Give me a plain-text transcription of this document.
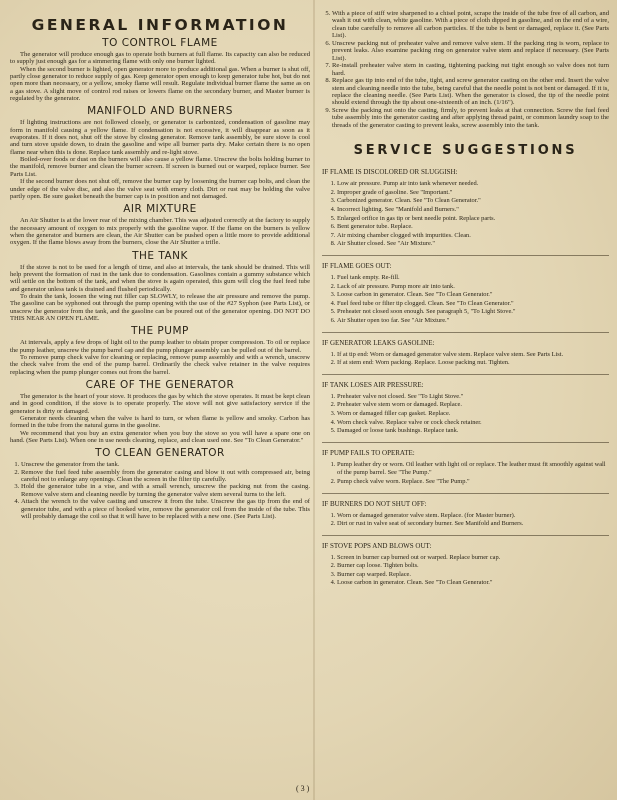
GENERAL INFORMATION
TO CONTROL FLAME

The generator will produce enough gas to operate both burners at full flame. Its capacity can also be reduced to supply just enough gas for a simmering flame with only one burner lighted.

When the second burner is lighted, open generator more to produce additional gas. When a burner is shut off, partly close generator to reduce supply of gas. Keep generator open enough to keep generator tube hot, but do not open more than necessary, or a yellow, smoky flame will result. Regulate individual burner flame the same as on a gas stove. A slight move of control rod raises or lowers flame on the secondary burner, and Master burner is regulated by the generator.

MANIFOLD AND BURNERS

If lighting instructions are not followed closely, or generator is carbonized, condensation of gasoline may form in manifold causing a yellow flame. If condensation is not excessive, it will disappear as soon as it evaporates. If it does not, shut off the stove by closing generator. Remove tank assembly, be sure stove is cool and turn stove upside down, to drain the gasoline and wipe all burner parts dry. Make certain there is no open flame near when this is done. Replace tank assembly and re-light stove.

Boiled-over foods or dust on the burners will also cause a yellow flame. Unscrew the bolts holding burner to the manifold, remove burner and clean the burner screen. If screen is burned out or warped, replace burner. See Parts List.

If the second burner does not shut off, remove the burner cap by loosening the burner cap bolts, and clean the under edge of the valve disc, and also the valve seat with emery cloth. Dirt or rust may be holding the valve partly open. Be sure gasket beneath the burner cap is in position and not damaged.

AIR MIXTURE

An Air Shutter is at the lower rear of the mixing chamber. This was adjusted correctly at the factory to supply the necessary amount of oxygen to mix properly with the gasoline vapor. If the flame on the burners is yellow when the generator and burners are clean, the Air Shutter can be pushed open a little more to provide additional oxygen. If the flame blows away from the burners, close the Air Shutter a trifle.

THE TANK

If the stove is not to be used for a length of time, and also at intervals, the tank should be drained. This will help prevent the formation of rust in the tank due to condensation. Gasolines contain a gummy substance which will settle on the bottom of the tank, and when the stove is again operated, this gum will clog the fuel feed tube and generator unless tank is drained and flushed periodically.

To drain the tank, loosen the wing nut filler cap SLOWLY, to release the air pressure and remove the pump. The gasoline can be syphoned out through the pump opening with the use of the #27 Syphon (see Parts List), or unscrew the generator from the tank, and the gasoline can be poured out of the generator opening. DO NOT DO THIS NEAR AN OPEN FLAME.

THE PUMP

At intervals, apply a few drops of light oil to the pump leather to obtain proper compression. To oil or replace the pump leather, unscrew the pump barrel cap and the pump plunger assembly can be pulled out of the barrel.

To remove pump check valve for cleaning or replacing, remove pump assembly and with a wrench, unscrew the check valve from the end of the pump barrel. Ordinarily the check valve retainer in the valve requires replacing when the pump plunger comes out from the barrel.

CARE OF THE GENERATOR

The generator is the heart of your stove. It produces the gas by which the stove operates. It must be kept clean and in good condition, if the stove is to operate properly. The stove will not give satisfactory service if the generator is dirty or damaged.

Generator needs cleaning when the valve is hard to turn, or when flame is yellow and smoky. Carbon has formed in the tube from the natural gums in the gasoline.

We recommend that you buy an extra generator when you buy the stove so you will have a spare one on hand. (See Parts List). When one in use needs cleaning, replace, and clean used one. See "To Clean Generator."

TO CLEAN GENERATOR
1. Unscrew the generator from the tank.
2. Remove the fuel feed tube assembly from the generator casing and blow it out with compressed air, being careful not to enlarge any openings. Clean the screen in the filter tip carefully.
3. Hold the generator tube in a vise, and with a small wrench, unscrew the packing nut from the casing. Remove valve stem and cleaning needle by turning the generator valve stem several turns to the left.
4. Attach the wrench to the valve casting and unscrew it from the tube. Unscrew the gas tip from the end of generator tube, and with a piece of hooked wire, remove the generator coil from the inside of the tube. This will probably damage the coil so that it will have to be replaced with a new one. (See Parts List).
5. With a piece of stiff wire sharpened to a chisel point, scrape the inside of the tube free of all carbon, and wash it out with clean, white gasoline. With a piece of cloth dipped in gasoline, and on the end of a wire, clean tube carefully to remove all carbon particles. If the tube is bent or damaged, replace it. (See Parts List).
6. Unscrew packing nut of preheater valve and remove valve stem. If the packing ring is worn, replace to prevent leaks. Also examine packing ring on generator valve stem and replace if necessary. (See Parts List).
7. Re-install preheater valve stem in casting, tightening packing nut tight enough so valve does not turn hard.
8. Replace gas tip into end of the tube, tight, and screw generator casting on the other end. Insert the valve stem and cleaning needle into the tube, being careful that the needle point is not bent or damaged. If it is, replace the cleaning needle. (See Parts List). When the generator is closed, the tip of the needle point should extend through the tip about one-sixteenth of an inch. (1/16").
9. Screw the packing nut onto the casting, firmly, to prevent leaks at that connection. Screw the fuel feed tube assembly into the generator casting and after applying thread paint, or common laundry soap to the threads of the generator casting to prevent leaks, screw assembly into the tank.
SERVICE SUGGESTIONS
IF FLAME IS DISCOLORED OR SLUGGISH:
1. Low air pressure. Pump air into tank whenever needed.
2. Improper grade of gasoline. See "Important."
3. Carbonized generator. Clean. See "To Clean Generator."
4. Incorrect lighting. See "Manifold and Burners."
5. Enlarged orifice in gas tip or bent needle point. Replace parts.
6. Bent generator tube. Replace.
7. Air mixing chamber clogged with impurities. Clean.
8. Air Shutter closed. See "Air Mixture."
IF FLAME GOES OUT:
1. Fuel tank empty. Re-fill.
2. Lack of air pressure. Pump more air into tank.
3. Loose carbon in generator. Clean. See "To Clean Generator."
4. Fuel feed tube or filter tip clogged. Clean. See "To Clean Generator."
5. Preheater not closed soon enough. See paragraph 5, "To Light Stove."
6. Air Shutter open too far. See "Air Mixture."
IF GENERATOR LEAKS GASOLINE:
1. If at tip end: Worn or damaged generator valve stem. Replace valve stem. See Parts List.
2. If at stem end: Worn packing. Replace. Loose packing nut. Tighten.
IF TANK LOSES AIR PRESSURE:
1. Preheater valve not closed. See "To Light Stove."
2. Preheater valve stem worn or damaged. Replace.
3. Worn or damaged filler cap gasket. Replace.
4. Worn check valve. Replace valve or cock check retainer.
5. Damaged or loose tank bushings. Replace tank.
IF PUMP FAILS TO OPERATE:
1. Pump leather dry or worn. Oil leather with light oil or replace. The leather must fit smoothly against wall of the pump barrel. See "The Pump."
2. Pump check valve worn. Replace. See "The Pump."
IF BURNERS DO NOT SHUT OFF:
1. Worn or damaged generator valve stem. Replace. (for Master burner).
2. Dirt or rust in valve seat of secondary burner. See Manifold and Burners.
IF STOVE POPS AND BLOWS OUT:
1. Screen in burner cap burned out or warped. Replace burner cap.
2. Burner cap loose. Tighten bolts.
3. Burner cap warped. Replace.
4. Loose carbon in generator. Clean. See "To Clean Generator."
( 3 )
